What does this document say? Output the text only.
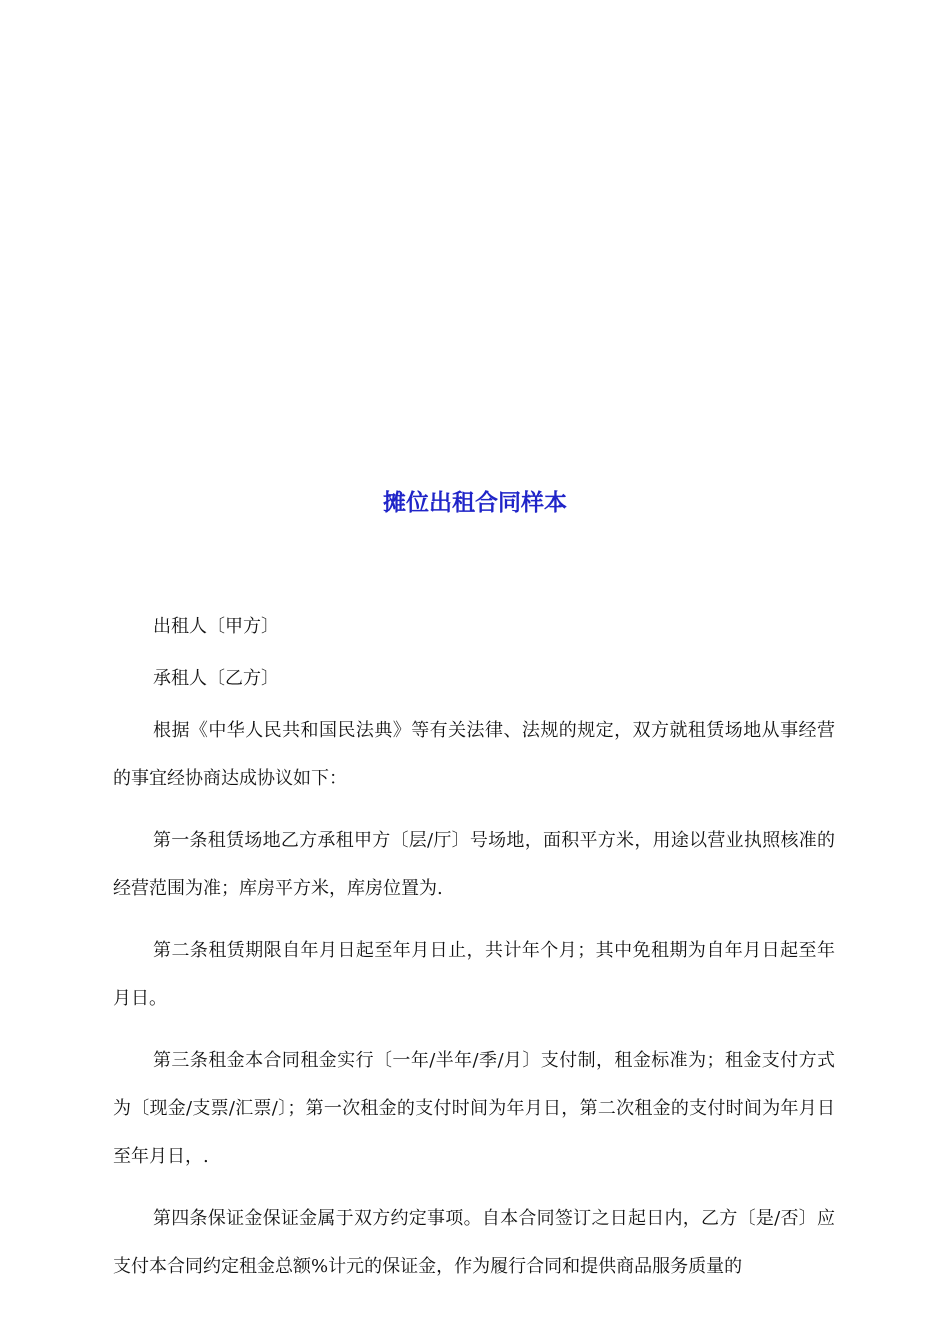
摊位出租合同样本

出租人〔甲方〕

承租人〔乙方〕

根据《中华人民共和国民法典》等有关法律、法规的规定，双方就租赁场地从事经营的事宜经协商达成协议如下：

第一条租赁场地乙方承租甲方〔层/厅〕号场地，面积平方米，用途以营业执照核准的经营范围为准；库房平方米，库房位置为.

第二条租赁期限自年月日起至年月日止，共计年个月；其中免租期为自年月日起至年月日。

第三条租金本合同租金实行〔一年/半年/季/月〕支付制，租金标准为；租金支付方式为〔现金/支票/汇票/〕；第一次租金的支付时间为年月日，第二次租金的支付时间为年月日至年月日，.

第四条保证金保证金属于双方约定事项。自本合同签订之日起日内，乙方〔是/否〕应支付本合同约定租金总额%计元的保证金，作为履行合同和提供商品服务质量的
